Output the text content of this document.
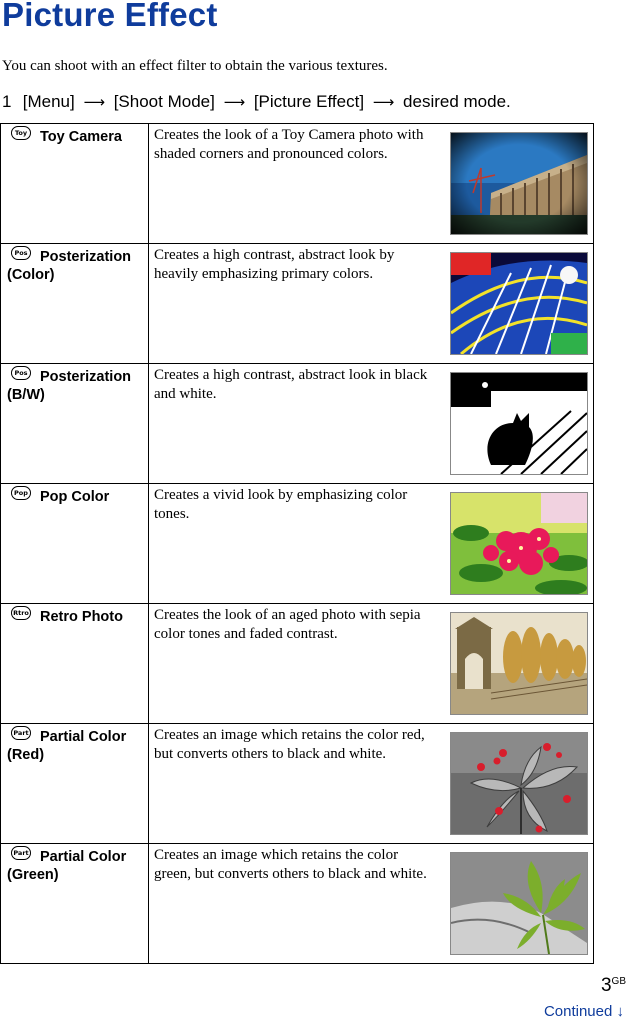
Picture Effect
You can shoot with an effect filter to obtain the various textures.
1 [Menu] ⟶ [Shoot Mode] ⟶ [Picture Effect] ⟶ desired mode.
Toy Toy Camera	Creates the look of a Toy Camera photo with shaded corners and pronounced colors.

Pos Posterization (Color)	Creates a high contrast, abstract look by heavily emphasizing primary colors.

Pos Posterization (B/W)	Creates a high contrast, abstract look in black and white.

Pop Pop Color	Creates a vivid look by emphasizing color tones.

Rtro Retro Photo	Creates the look of an aged photo with sepia color tones and faded contrast.

Part Partial Color (Red)	Creates an image which retains the color red, but converts others to black and white.

Part Partial Color (Green)	Creates an image which retains the color green, but converts others to black and white.
$3^{GB}$
Continued ↓
